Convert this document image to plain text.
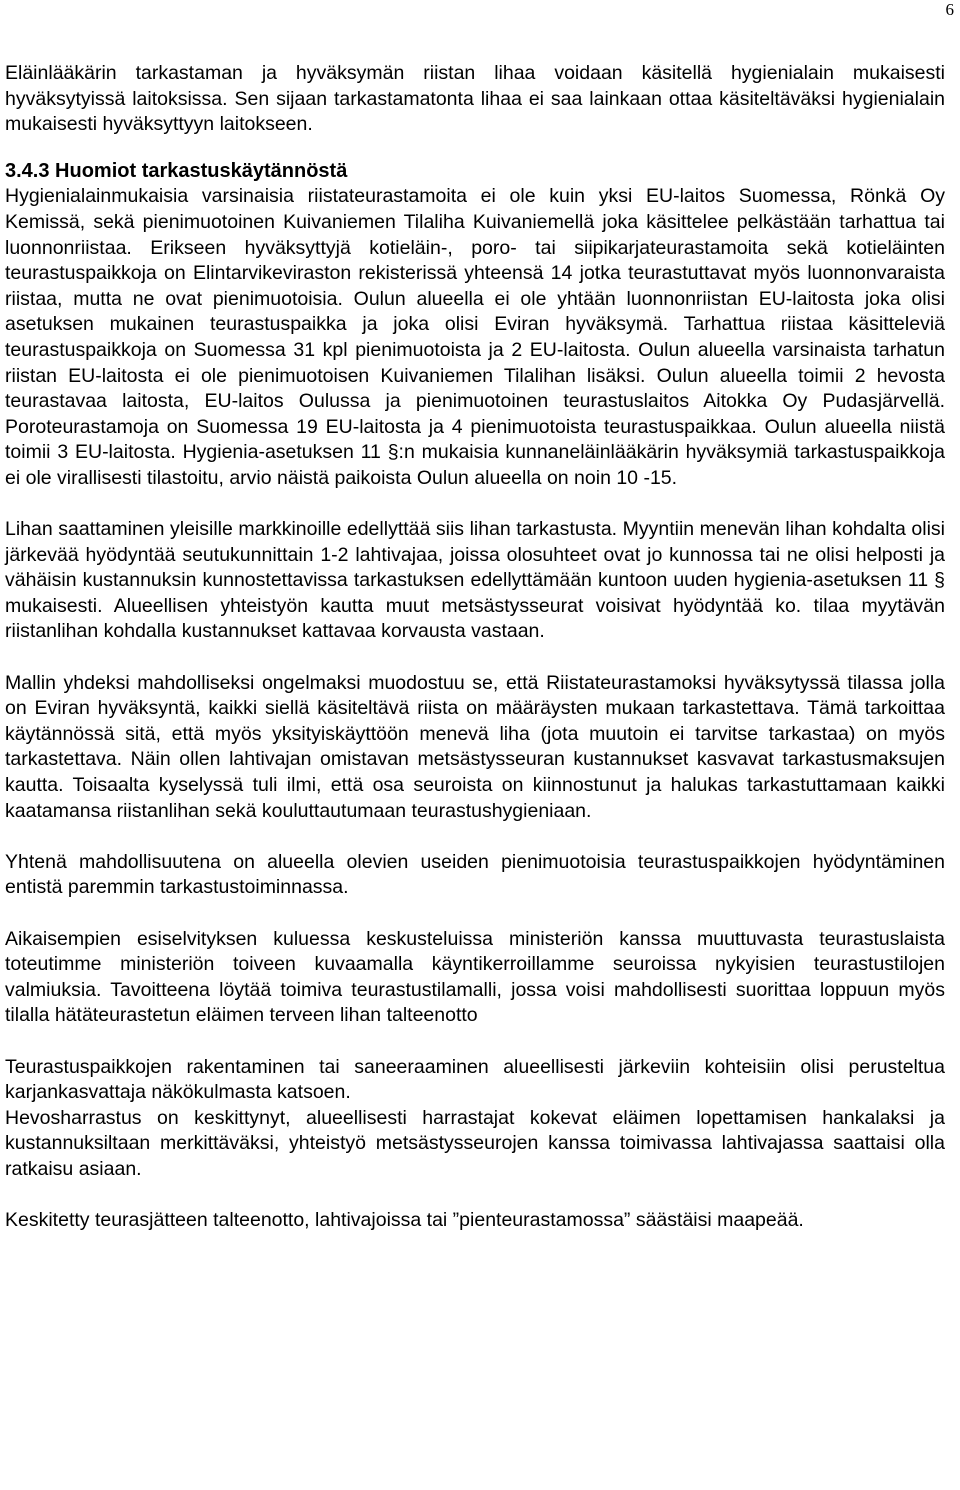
6

Eläinlääkärin tarkastaman ja hyväksymän riistan lihaa voidaan käsitellä hygienialain mukaisesti hyväksytyissä laitoksissa. Sen sijaan tarkastamatonta lihaa ei saa lainkaan ottaa käsiteltäväksi hygienialain mukaisesti hyväksyttyyn laitokseen.

3.4.3 Huomiot tarkastuskäytännöstä

Hygienialainmukaisia varsinaisia riistateurastamoita ei ole kuin yksi EU-laitos Suomessa, Rönkä Oy Kemissä, sekä pienimuotoinen Kuivaniemen Tilaliha Kuivaniemellä joka käsittelee pelkästään tarhattua tai luonnonriistaa. Erikseen hyväksyttyjä kotieläin-, poro- tai siipikarjateurastamoita sekä kotieläinten teurastuspaikkoja on Elintarvikeviraston rekisterissä yhteensä 14 jotka teurastuttavat myös luonnonvaraista riistaa, mutta ne ovat pienimuotoisia. Oulun alueella ei ole yhtään luonnonriistan EU-laitosta joka olisi asetuksen mukainen teurastuspaikka ja joka olisi Eviran hyväksymä. Tarhattua riistaa käsitteleviä teurastuspaikkoja on Suomessa 31 kpl pienimuotoista ja 2 EU-laitosta. Oulun alueella varsinaista tarhatun riistan EU-laitosta ei ole pienimuotoisen Kuivaniemen Tilalihan lisäksi. Oulun alueella toimii 2 hevosta teurastavaa laitosta, EU-laitos Oulussa ja pienimuotoinen teurastuslaitos Aitokka Oy Pudasjärvellä. Poroteurastamoja on Suomessa 19 EU-laitosta ja 4 pienimuotoista teurastuspaikkaa. Oulun alueella niistä toimii 3 EU-laitosta. Hygienia-asetuksen 11 §:n mukaisia kunnaneläinlääkärin hyväksymiä tarkastuspaikkoja ei ole virallisesti tilastoitu, arvio näistä paikoista Oulun alueella on noin 10 -15.

Lihan saattaminen yleisille markkinoille edellyttää siis lihan tarkastusta. Myyntiin menevän lihan kohdalta olisi järkevää hyödyntää seutukunnittain 1-2 lahtivajaa, joissa olosuhteet ovat jo kunnossa tai ne olisi helposti ja vähäisin kustannuksin kunnostettavissa tarkastuksen edellyttämään kuntoon uuden hygienia-asetuksen 11 § mukaisesti. Alueellisen yhteistyön kautta muut metsästysseurat voisivat hyödyntää ko. tilaa myytävän riistanlihan kohdalla kustannukset kattavaa korvausta vastaan.

Mallin yhdeksi mahdolliseksi ongelmaksi muodostuu se, että Riistateurastamoksi hyväksytyssä tilassa jolla on Eviran hyväksyntä, kaikki siellä käsiteltävä riista on määräysten mukaan tarkastettava. Tämä tarkoittaa käytännössä sitä, että myös yksityiskäyttöön menevä liha (jota muutoin ei tarvitse tarkastaa) on myös tarkastettava. Näin ollen lahtivajan omistavan metsästysseuran kustannukset kasvavat tarkastusmaksujen kautta. Toisaalta kyselyssä tuli ilmi, että osa seuroista on kiinnostunut ja halukas tarkastuttamaan kaikki kaatamansa riistanlihan sekä kouluttautumaan teurastushygieniaan.

Yhtenä mahdollisuutena on alueella olevien useiden pienimuotoisia teurastuspaikkojen hyödyntäminen entistä paremmin tarkastustoiminnassa.

Aikaisempien esiselvityksen kuluessa keskusteluissa ministeriön kanssa muuttuvasta teurastuslaista toteutimme ministeriön toiveen kuvaamalla käyntikerroillamme seuroissa nykyisien teurastustilojen valmiuksia. Tavoitteena löytää toimiva teurastustilamalli, jossa voisi mahdollisesti suorittaa loppuun myös tilalla hätäteurastetun eläimen terveen lihan talteenotto

Teurastuspaikkojen rakentaminen tai saneeraaminen alueellisesti järkeviin kohteisiin olisi perusteltua karjankasvattaja näkökulmasta katsoen.

Hevosharrastus on keskittynyt, alueellisesti harrastajat kokevat eläimen lopettamisen hankalaksi ja kustannuksiltaan merkittäväksi, yhteistyö metsästysseurojen kanssa toimivassa lahtivajassa saattaisi olla ratkaisu asiaan.

Keskitetty teurasjätteen talteenotto, lahtivajoissa tai ”pienteurastamossa” säästäisi maapeää.
